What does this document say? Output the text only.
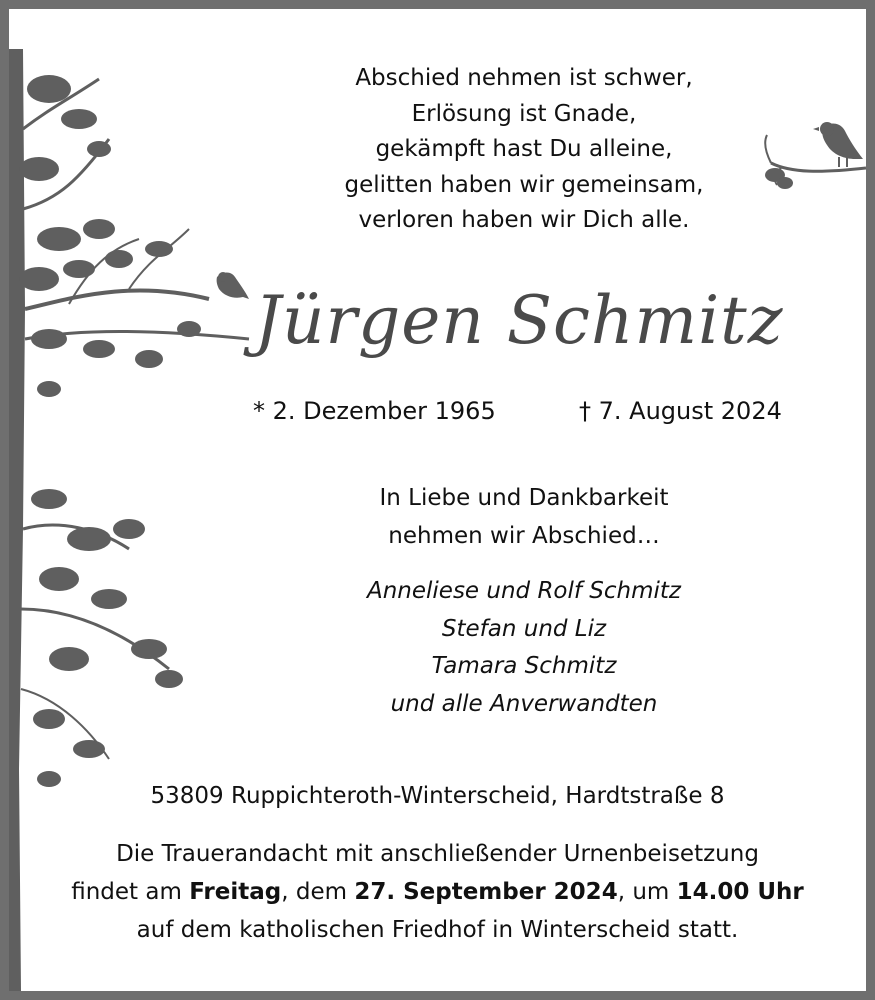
Abschied nehmen ist schwer,
Erlösung ist Gnade,
gekämpft hast Du alleine,
gelitten haben wir gemeinsam,
verloren haben wir Dich alle.
Jürgen Schmitz
* 2. Dezember 1965	† 7. August 2024
In Liebe und Dankbarkeit
nehmen wir Abschied…
Anneliese und Rolf Schmitz
Stefan und Liz
Tamara Schmitz
und alle Anverwandten
53809 Ruppichteroth-Winterscheid, Hardtstraße 8
Die Trauerandacht mit anschließender Urnenbeisetzung
findet am Freitag, dem 27. September 2024, um 14.00 Uhr
auf dem katholischen Friedhof in Winterscheid statt.
